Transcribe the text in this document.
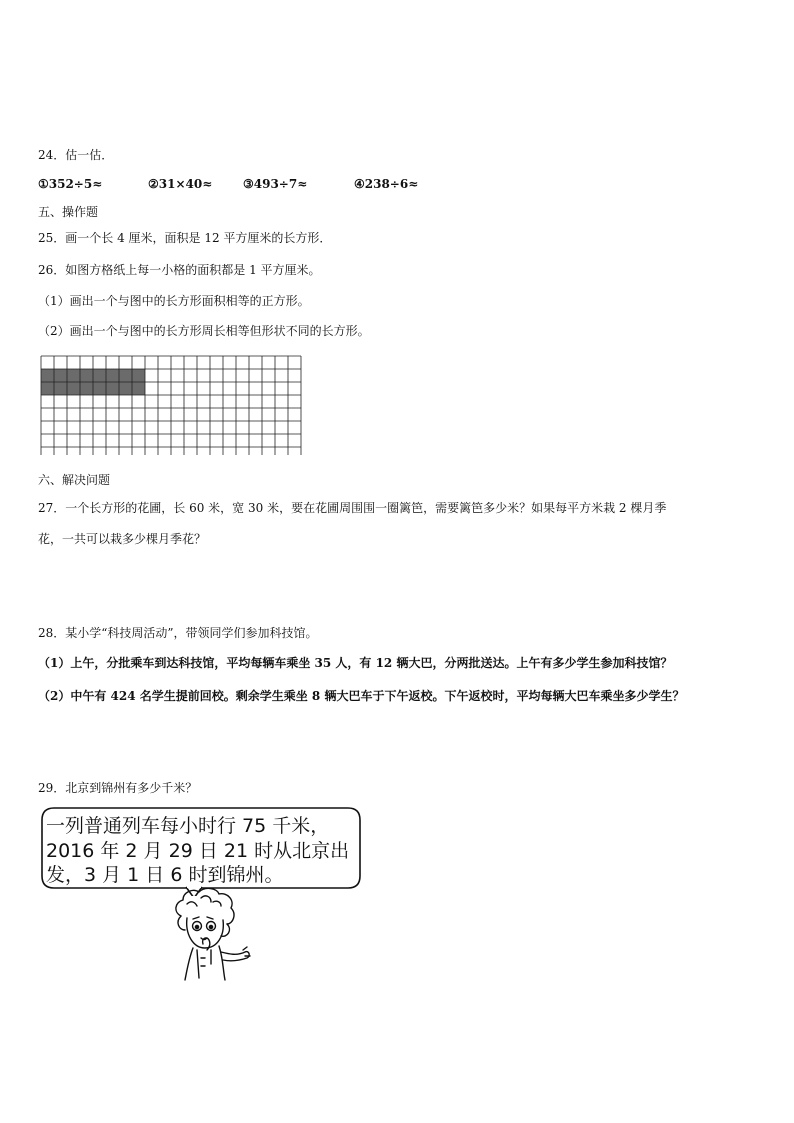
24．估一估．
①352÷5≈	②31×40≈	③493÷7≈	④238÷6≈
五、操作题
25．画一个长 4 厘米，面积是 12 平方厘米的长方形．
26．如图方格纸上每一小格的面积都是 1 平方厘米。
（1）画出一个与图中的长方形面积相等的正方形。
（2）画出一个与图中的长方形周长相等但形状不同的长方形。
六、解决问题
27．一个长方形的花圃，长 60 米，宽 30 米，要在花圃周围围一圈篱笆，需要篱笆多少米？如果每平方米栽 2 棵月季
花，一共可以栽多少棵月季花？
28．某小学“科技周活动”，带领同学们参加科技馆。
（1）上午，分批乘车到达科技馆，平均每辆车乘坐 35 人，有 12 辆大巴，分两批送达。上午有多少学生参加科技馆？
（2）中午有 424 名学生提前回校。剩余学生乘坐 8 辆大巴车于下午返校。下午返校时，平均每辆大巴车乘坐多少学生？
29．北京到锦州有多少千米？
一列普通列车每小时行 75 千米，
2016 年 2 月 29 日 21 时从北京出
发，3 月 1 日 6 时到锦州。
